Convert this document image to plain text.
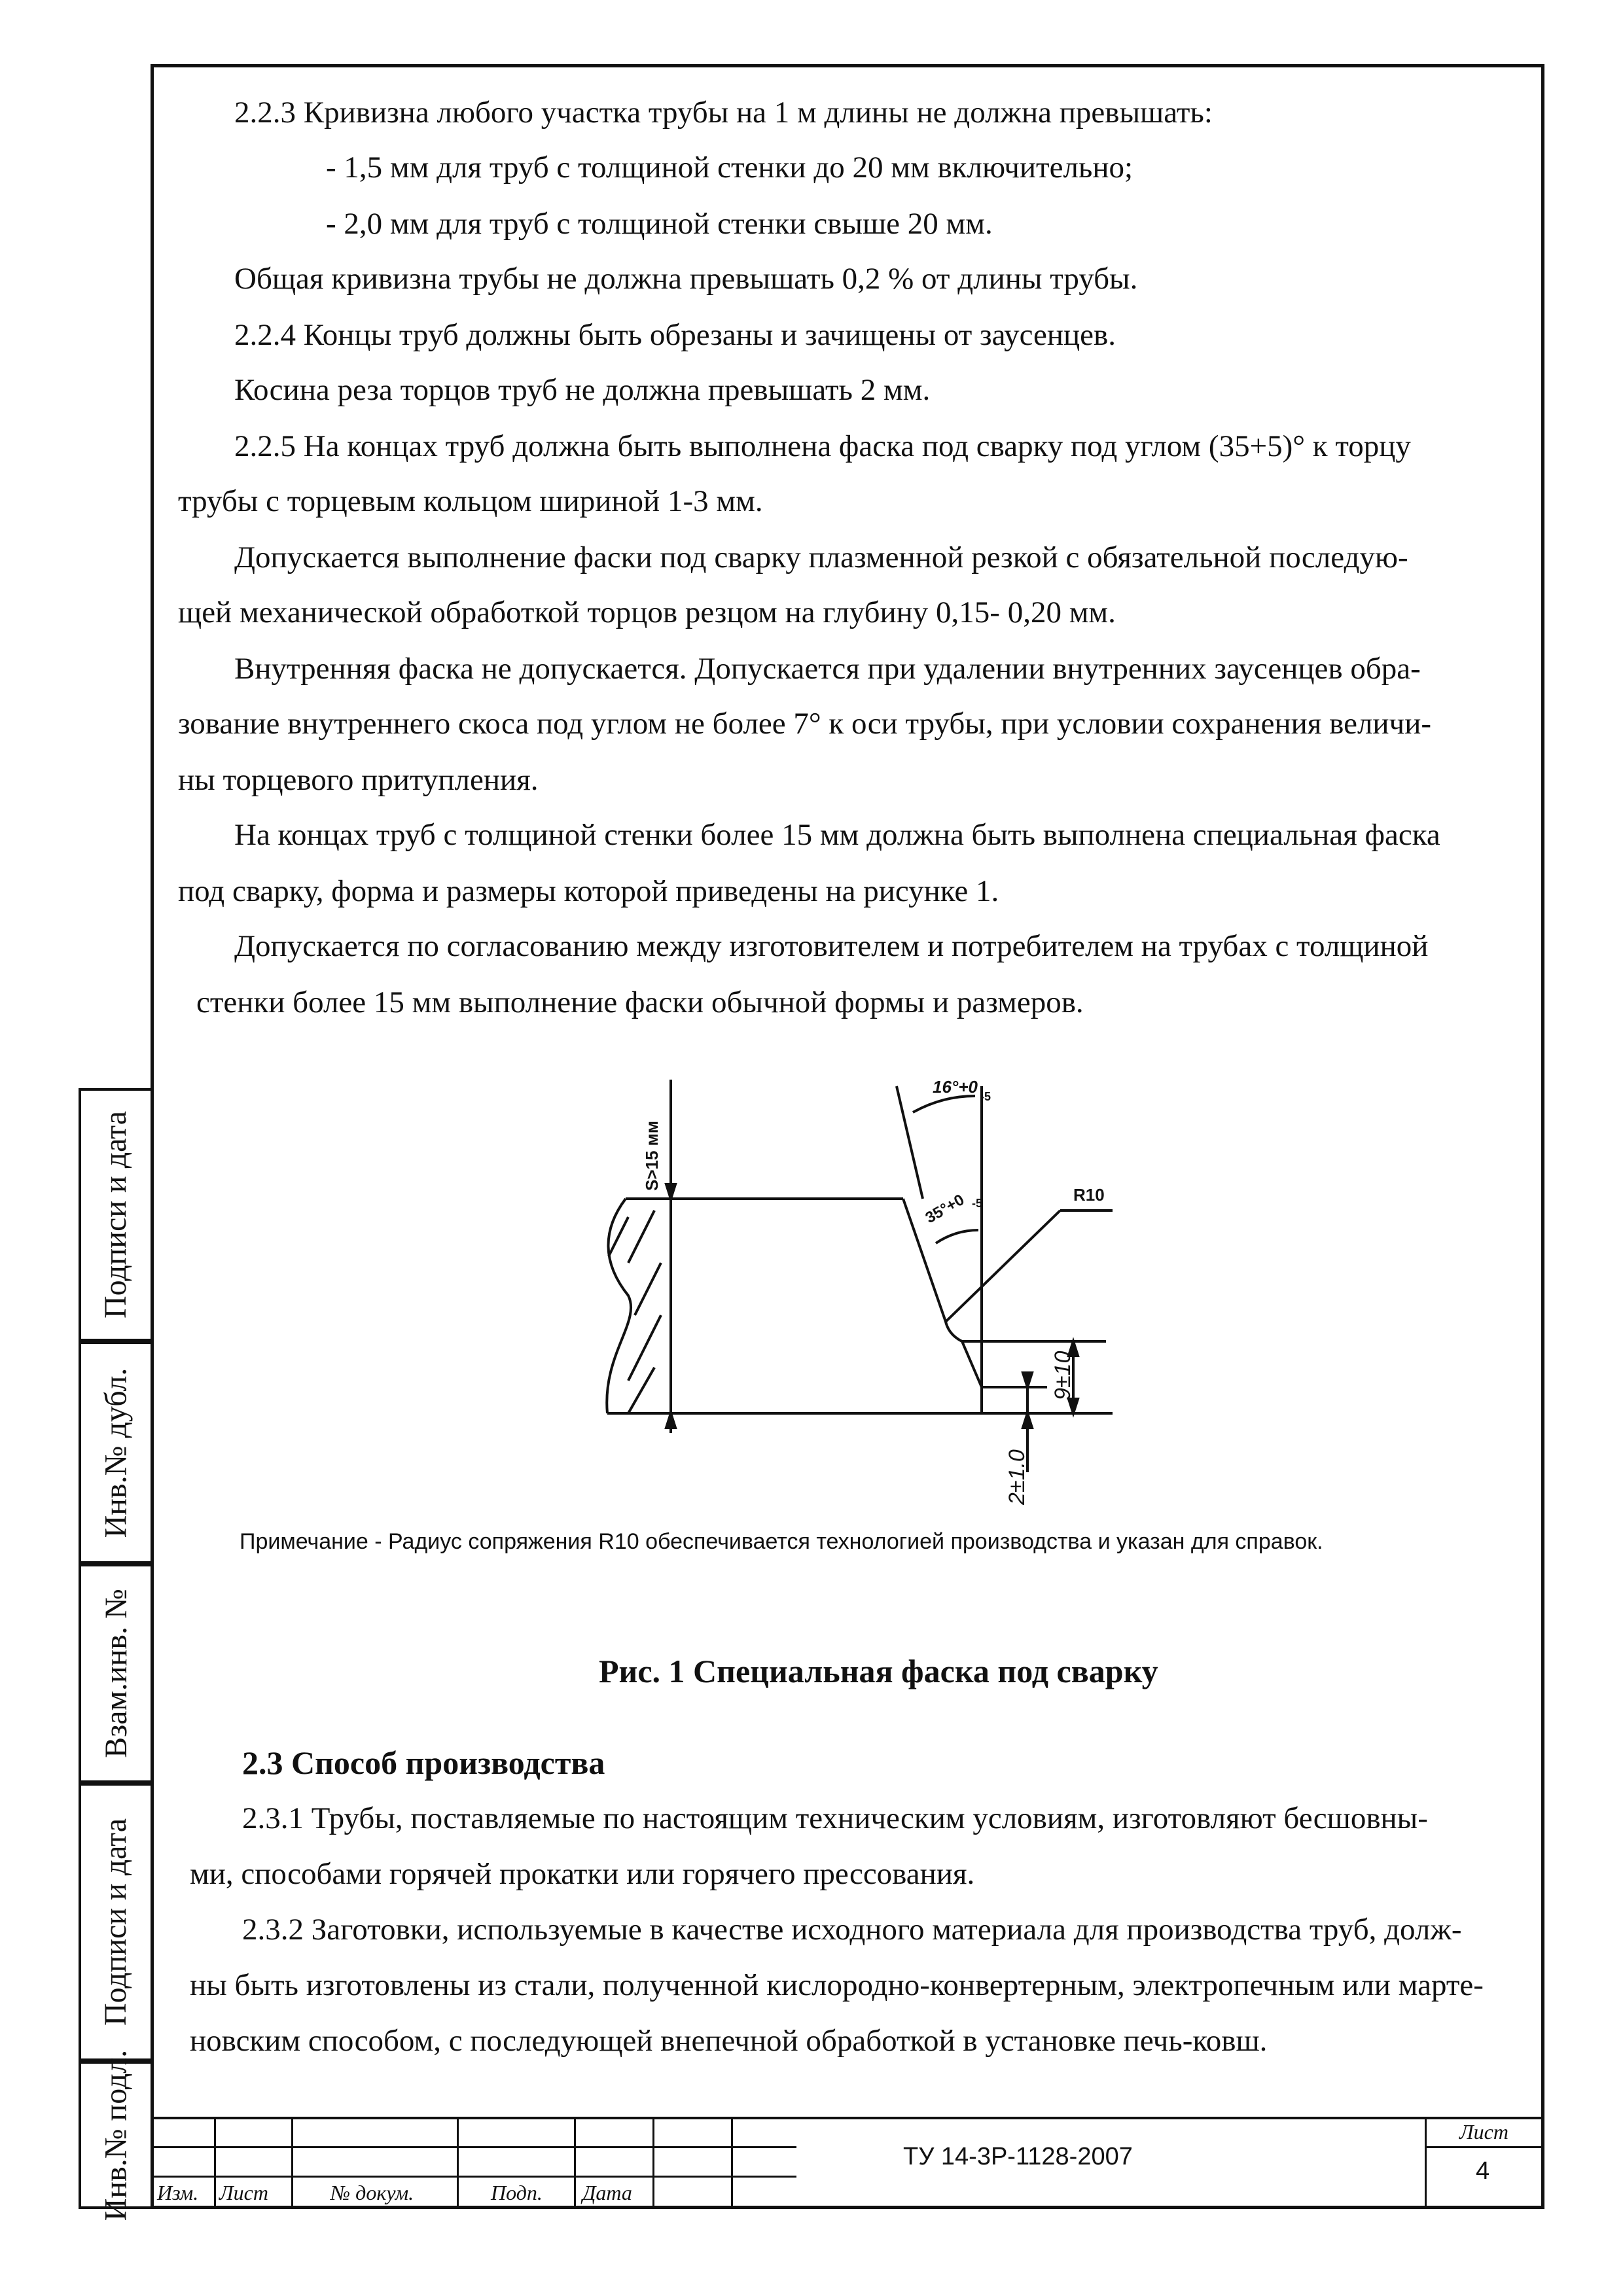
Подписи и дата
Инв.№ дубл.
Взам.инв. №
Подписи и дата
Инв.№ подл.
2.2.3 Кривизна любого участка трубы на 1 м длины не должна превышать:
- 1,5 мм для труб с толщиной стенки до 20 мм включительно;
- 2,0 мм для труб с толщиной стенки свыше 20 мм.
Общая кривизна трубы не должна превышать 0,2 % от длины трубы.
2.2.4 Концы труб должны быть обрезаны и зачищены от заусенцев.
Косина реза торцов труб не должна превышать 2 мм.
2.2.5 На концах труб должна быть выполнена фаска под сварку под углом (35+5)° к торцу
трубы с торцевым кольцом шириной 1-3 мм.
Допускается выполнение фаски под сварку плазменной резкой с обязательной последую-
щей механической обработкой торцов резцом на глубину 0,15- 0,20 мм.
Внутренняя фаска не допускается. Допускается при удалении внутренних заусенцев обра-
зование внутреннего скоса под углом не более 7° к оси трубы, при условии сохранения величи-
ны торцевого притупления.
На концах труб с толщиной стенки более 15 мм должна быть выполнена специальная фаска
под сварку, форма и размеры которой приведены на рисунке 1.
Допускается по согласованию между изготовителем и потребителем на трубах с толщиной
стенки более 15 мм выполнение фаски обычной формы и размеров.
S>15 мм
16°+0 -5
35°+0 -5	R10
9±10
2±1.0
Примечание - Радиус сопряжения R10 обеспечивается технологией производства и указан для справок.
Рис. 1 Специальная фаска под сварку
2.3 Способ производства
2.3.1 Трубы, поставляемые по настоящим техническим условиям, изготовляют бесшовны-
ми, способами горячей прокатки или горячего прессования.
2.3.2 Заготовки, используемые в качестве исходного материала для производства труб, долж-
ны быть изготовлены из стали, полученной кислородно-конвертерным, электропечным или марте-
новским способом, с последующей внепечной обработкой в установке печь-ковш.
Изм. Лист	№ докум.	Подп. Дата
ТУ 14-3Р-1128-2007
Лист
4
